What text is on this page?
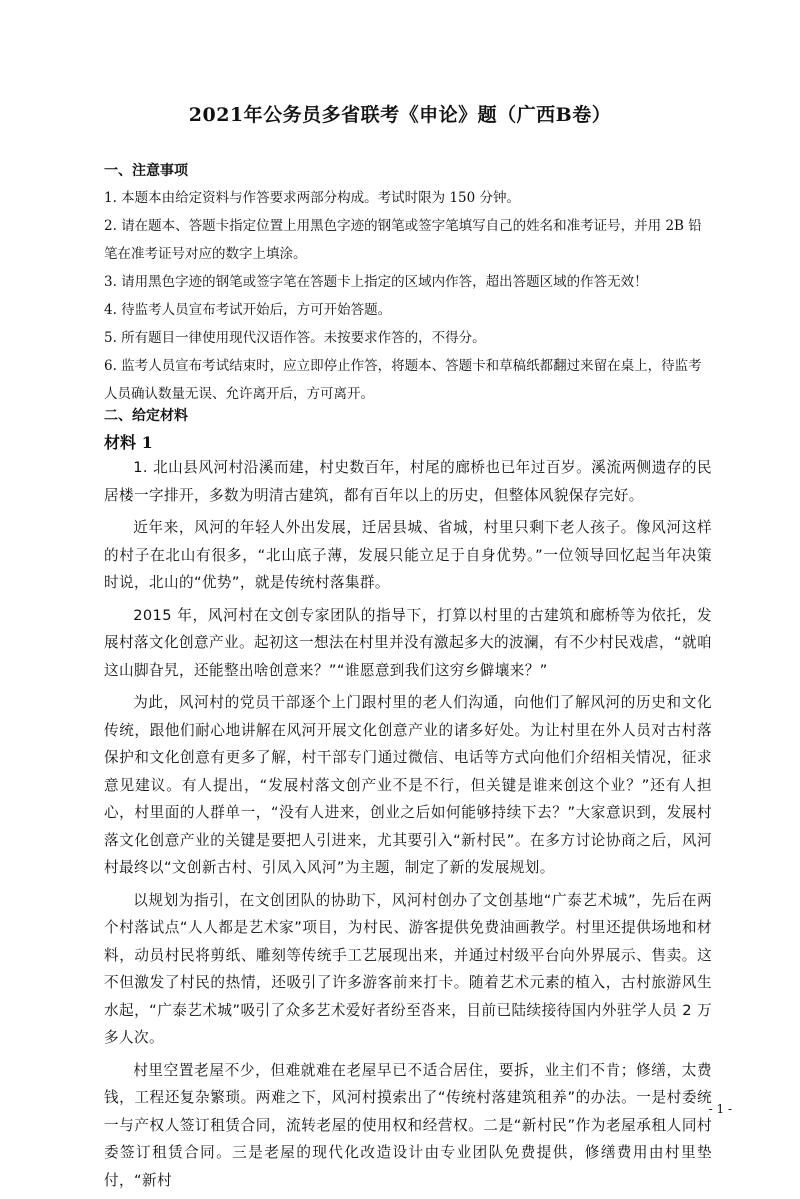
2021年公务员多省联考《申论》题（广西B卷）
一、注意事项

1. 本题本由给定资料与作答要求两部分构成。考试时限为 150 分钟。

2. 请在题本、答题卡指定位置上用黑色字迹的钢笔或签字笔填写自己的姓名和准考证号，并用 2B 铅笔在准考证号对应的数字上填涂。

3. 请用黑色字迹的钢笔或签字笔在答题卡上指定的区域内作答，超出答题区域的作答无效！

4. 待监考人员宣布考试开始后，方可开始答题。

5. 所有题目一律使用现代汉语作答。未按要求作答的，不得分。

6. 监考人员宣布考试结束时，应立即停止作答，将题本、答题卡和草稿纸都翻过来留在桌上，待监考人员确认数量无误、允许离开后，方可离开。

二、给定材料
材料 1

1. 北山县风河村沿溪而建，村史数百年，村尾的廊桥也已年过百岁。溪流两侧遗存的民居楼一字排开，多数为明清古建筑，都有百年以上的历史，但整体风貌保存完好。

近年来，风河的年轻人外出发展，迁居县城、省城，村里只剩下老人孩子。像风河这样的村子在北山有很多，“北山底子薄，发展只能立足于自身优势。”一位领导回忆起当年决策时说，北山的“优势”，就是传统村落集群。

2015 年，风河村在文创专家团队的指导下，打算以村里的古建筑和廊桥等为依托，发展村落文化创意产业。起初这一想法在村里并没有激起多大的波澜，有不少村民戏虐，“就咱这山脚旮旯，还能整出啥创意来？”“谁愿意到我们这穷乡僻壤来？”

为此，风河村的党员干部逐个上门跟村里的老人们沟通，向他们了解风河的历史和文化传统，跟他们耐心地讲解在风河开展文化创意产业的诸多好处。为让村里在外人员对古村落保护和文化创意有更多了解，村干部专门通过微信、电话等方式向他们介绍相关情况，征求意见建议。有人提出，“发展村落文创产业不是不行，但关键是谁来创这个业？”还有人担心，村里面的人群单一，“没有人进来，创业之后如何能够持续下去？”大家意识到，发展村落文化创意产业的关键是要把人引进来，尤其要引入“新村民”。在多方讨论协商之后，风河村最终以“文创新古村、引凤入风河”为主题，制定了新的发展规划。

以规划为指引，在文创团队的协助下，风河村创办了文创基地“广泰艺术城”，先后在两个村落试点“人人都是艺术家”项目，为村民、游客提供免费油画教学。村里还提供场地和材料，动员村民将剪纸、雕刻等传统手工艺展现出来，并通过村级平台向外界展示、售卖。这不但激发了村民的热情，还吸引了许多游客前来打卡。随着艺术元素的植入，古村旅游风生水起，“广泰艺术城”吸引了众多艺术爱好者纷至沓来，目前已陆续接待国内外驻学人员 2 万多人次。

村里空置老屋不少，但难就难在老屋早已不适合居住，要拆，业主们不肯；修缮，太费钱，工程还复杂繁琐。两难之下，风河村摸索出了“传统村落建筑租养”的办法。一是村委统一与产权人签订租赁合同，流转老屋的使用权和经营权。二是“新村民”作为老屋承租人同村委签订租赁合同。三是老屋的现代化改造设计由专业团队免费提供，修缮费用由村里垫付，“新村

- 1 -
